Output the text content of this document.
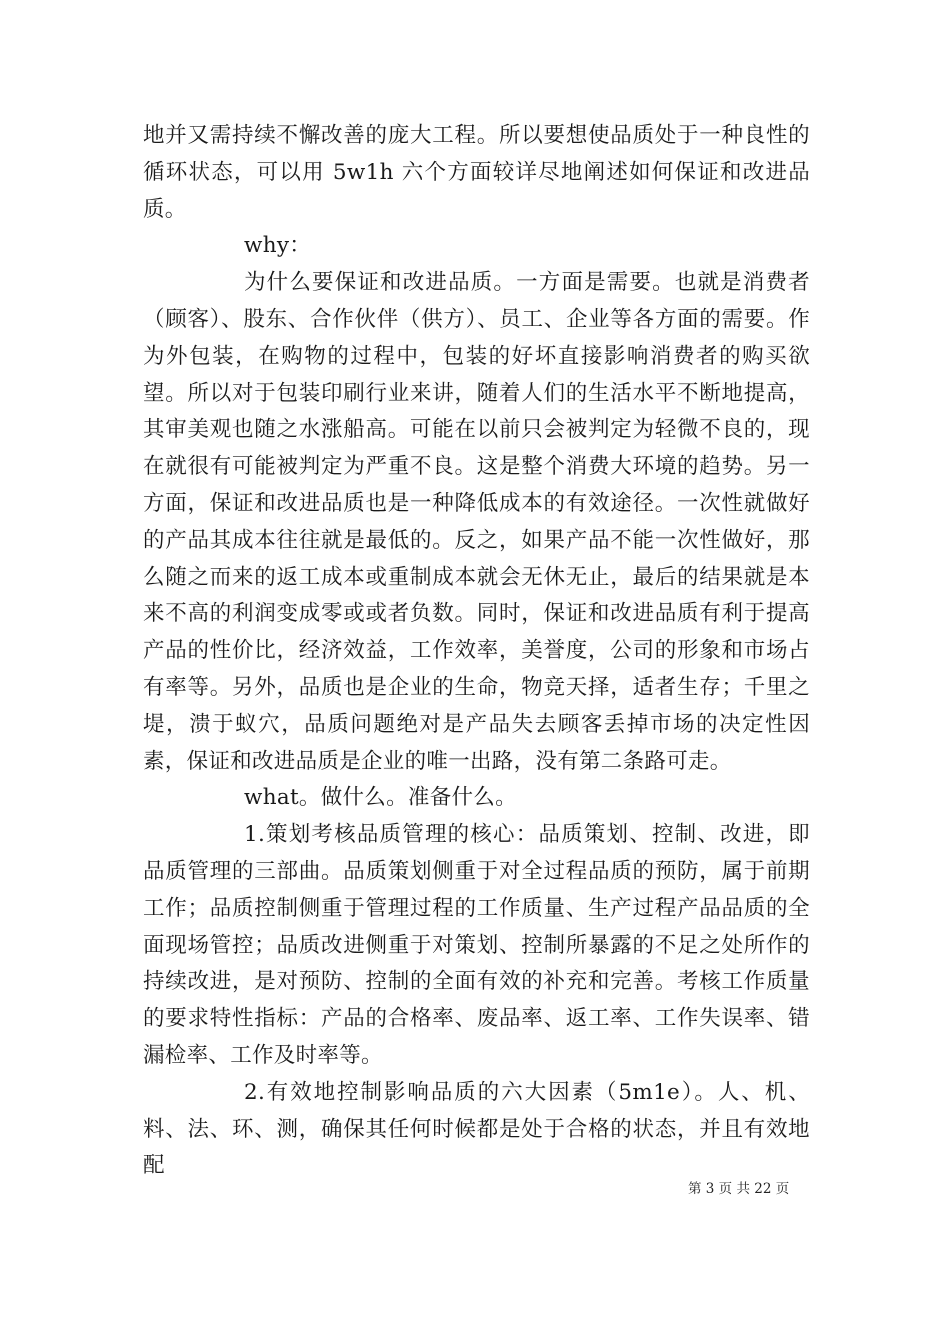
地并又需持续不懈改善的庞大工程。所以要想使品质处于一种良性的循环状态，可以用 5w1h 六个方面较详尽地阐述如何保证和改进品质。

why：

为什么要保证和改进品质。一方面是需要。也就是消费者（顾客）、股东、合作伙伴（供方）、员工、企业等各方面的需要。作为外包装，在购物的过程中，包装的好坏直接影响消费者的购买欲望。所以对于包装印刷行业来讲，随着人们的生活水平不断地提高，其审美观也随之水涨船高。可能在以前只会被判定为轻微不良的，现在就很有可能被判定为严重不良。这是整个消费大环境的趋势。另一方面，保证和改进品质也是一种降低成本的有效途径。一次性就做好的产品其成本往往就是最低的。反之，如果产品不能一次性做好，那么随之而来的返工成本或重制成本就会无休无止，最后的结果就是本来不高的利润变成零或或者负数。同时，保证和改进品质有利于提高产品的性价比，经济效益，工作效率，美誉度，公司的形象和市场占有率等。另外，品质也是企业的生命，物竞天择，适者生存；千里之堤，溃于蚁穴，品质问题绝对是产品失去顾客丢掉市场的决定性因素，保证和改进品质是企业的唯一出路，没有第二条路可走。

what。做什么。准备什么。

1.策划考核品质管理的核心：品质策划、控制、改进，即品质管理的三部曲。品质策划侧重于对全过程品质的预防，属于前期工作；品质控制侧重于管理过程的工作质量、生产过程产品品质的全面现场管控；品质改进侧重于对策划、控制所暴露的不足之处所作的持续改进，是对预防、控制的全面有效的补充和完善。考核工作质量的要求特性指标：产品的合格率、废品率、返工率、工作失误率、错漏检率、工作及时率等。

2.有效地控制影响品质的六大因素（5m1e）。人、机、料、法、环、测，确保其任何时候都是处于合格的状态，并且有效地配

第 3 页 共 22 页
